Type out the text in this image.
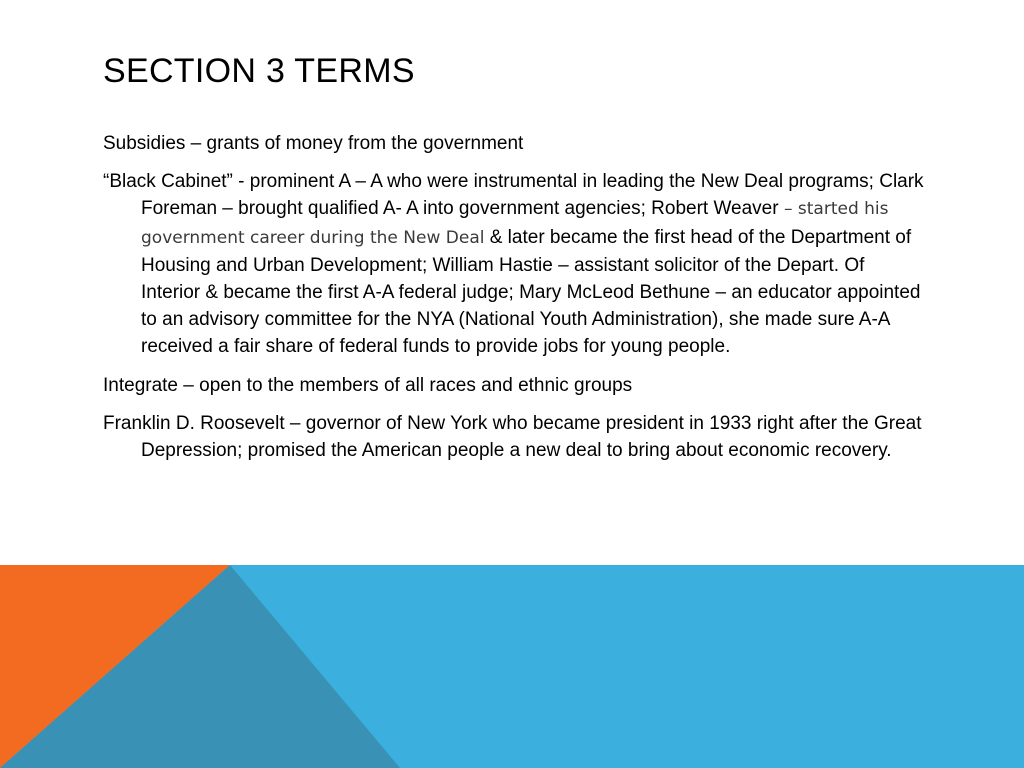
SECTION 3 TERMS

Subsidies – grants of money from the government

“Black Cabinet” - prominent A – A who were instrumental in leading the New Deal programs; Clark Foreman – brought qualified A- A into government agencies; Robert Weaver – started his government career during the New Deal & later became the first head of the Department of Housing and Urban Development; William Hastie – assistant solicitor of the Depart. Of Interior & became the first A-A federal judge; Mary McLeod Bethune – an educator appointed to an advisory committee for the NYA (National Youth Administration), she made sure A-A received a fair share of federal funds to provide jobs for young people.

Integrate – open to the members of all races and ethnic groups

Franklin D. Roosevelt – governor of New York who became president in 1933 right after the Great Depression; promised the American people a new deal to bring about economic recovery.
